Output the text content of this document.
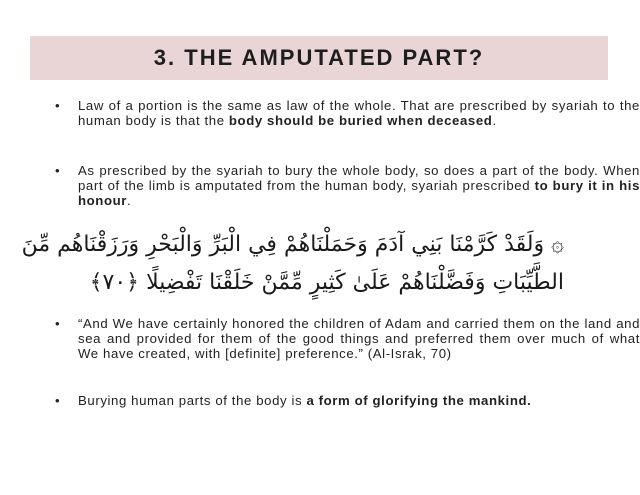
3. THE AMPUTATED PART?
• Law of a portion is the same as law of the whole. That are prescribed by syariah to the human body is that the body should be buried when deceased.
• As prescribed by the syariah to bury the whole body, so does a part of the body. When part of the limb is amputated from the human body, syariah prescribed to bury it in his honour.
۞ وَلَقَدْ كَرَّمْنَا بَنِي آدَمَ وَحَمَلْنَاهُمْ فِي الْبَرِّ وَالْبَحْرِ وَرَزَقْنَاهُم مِّنَ
الطَّيِّبَاتِ وَفَضَّلْنَاهُمْ عَلَىٰ كَثِيرٍ مِّمَّنْ خَلَقْنَا تَفْضِيلًا ﴿٧٠﴾
• “And We have certainly honored the children of Adam and carried them on the land and sea and provided for them of the good things and preferred them over much of what We have created, with [definite] preference.” (Al-Israk, 70)
• Burying human parts of the body is a form of glorifying the mankind.
